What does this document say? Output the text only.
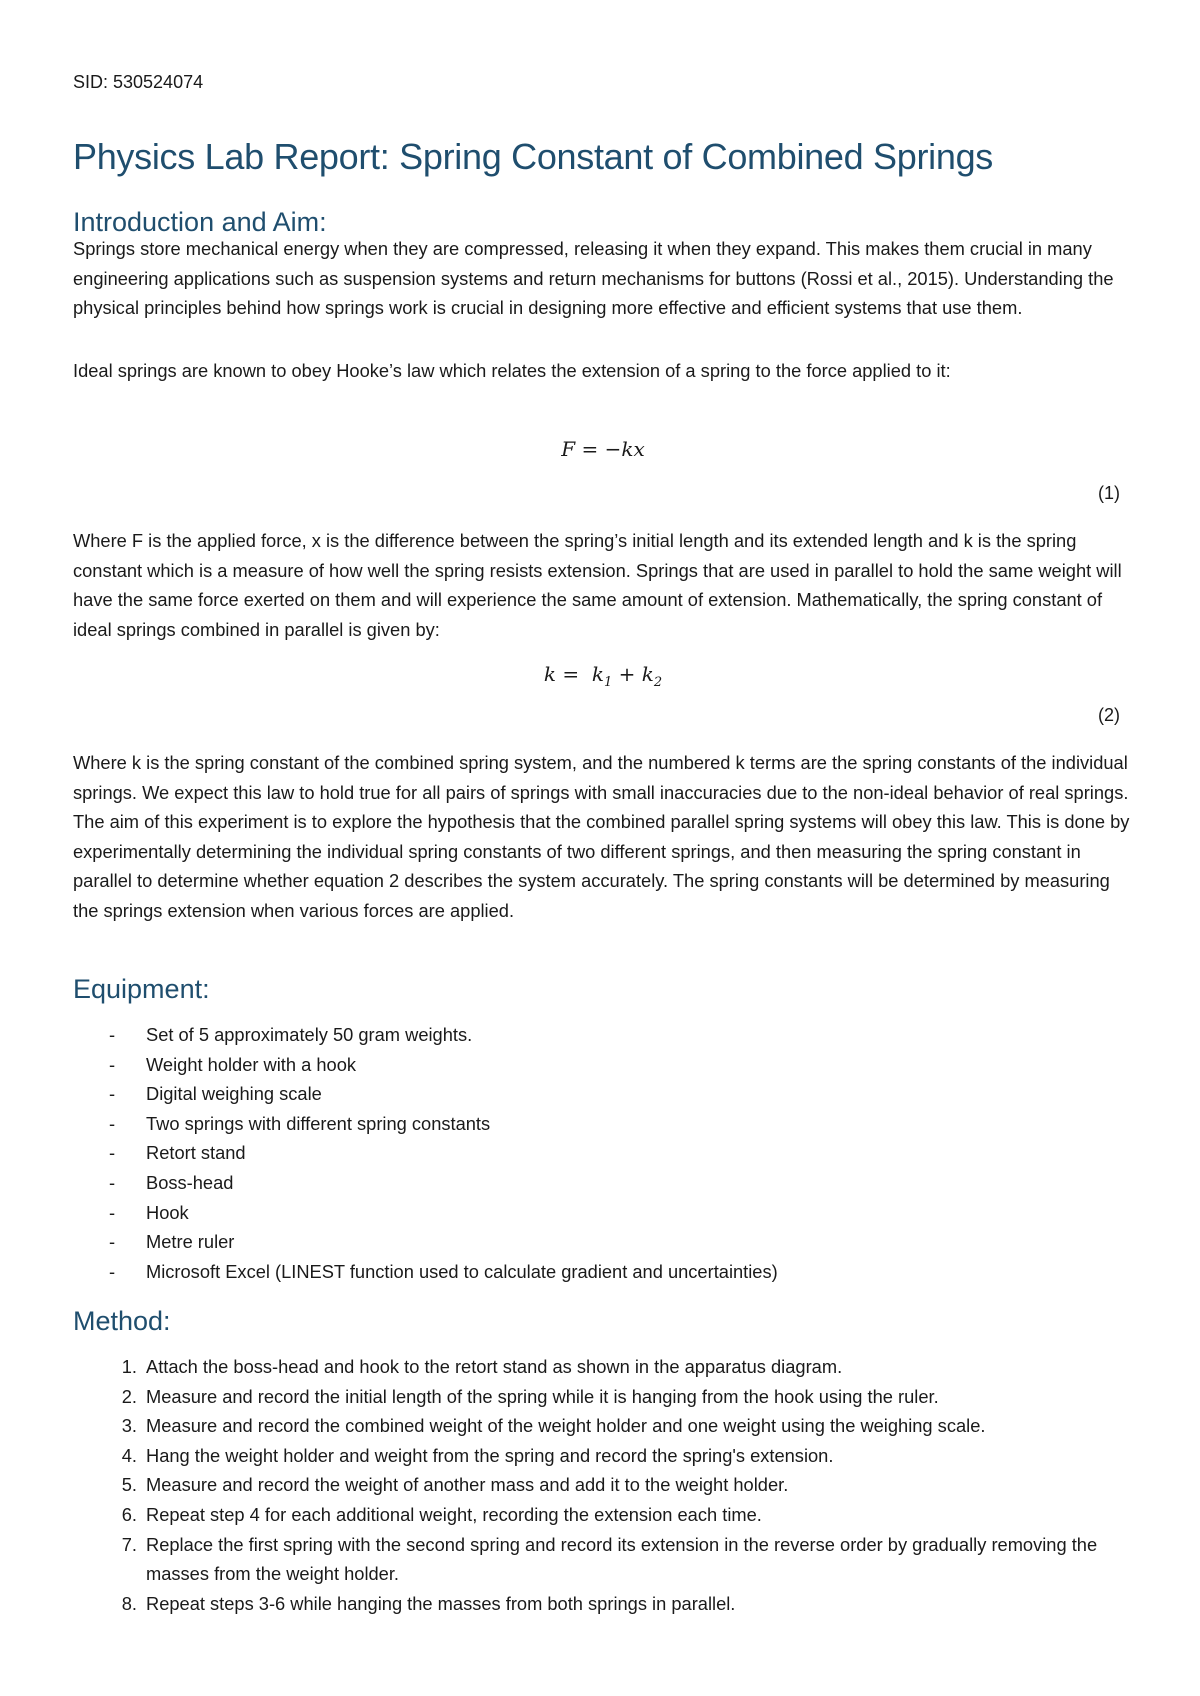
SID: 530524074
Physics Lab Report: Spring Constant of Combined Springs
Introduction and Aim:

Springs store mechanical energy when they are compressed, releasing it when they expand. This makes them crucial in many engineering applications such as suspension systems and return mechanisms for buttons (Rossi et al., 2015). Understanding the physical principles behind how springs work is crucial in designing more effective and efficient systems that use them.

Ideal springs are known to obey Hooke’s law which relates the extension of a spring to the force applied to it:

F = −kx
(1)

Where F is the applied force, x is the difference between the spring’s initial length and its extended length and k is the spring constant which is a measure of how well the spring resists extension. Springs that are used in parallel to hold the same weight will have the same force exerted on them and will experience the same amount of extension. Mathematically, the spring constant of ideal springs combined in parallel is given by:

$k = k_1 + k_2$
(2)

Where k is the spring constant of the combined spring system, and the numbered k terms are the spring constants of the individual springs. We expect this law to hold true for all pairs of springs with small inaccuracies due to the non-ideal behavior of real springs. The aim of this experiment is to explore the hypothesis that the combined parallel spring systems will obey this law. This is done by experimentally determining the individual spring constants of two different springs, and then measuring the spring constant in parallel to determine whether equation 2 describes the system accurately. The spring constants will be determined by measuring the springs extension when various forces are applied.

Equipment:
- Set of 5 approximately 50 gram weights.
- Weight holder with a hook
- Digital weighing scale
- Two springs with different spring constants
- Retort stand
- Boss-head
- Hook
- Metre ruler
- Microsoft Excel (LINEST function used to calculate gradient and uncertainties)
Method:
1. Attach the boss-head and hook to the retort stand as shown in the apparatus diagram.
2. Measure and record the initial length of the spring while it is hanging from the hook using the ruler.
3. Measure and record the combined weight of the weight holder and one weight using the weighing scale.
4. Hang the weight holder and weight from the spring and record the spring's extension.
5. Measure and record the weight of another mass and add it to the weight holder.
6. Repeat step 4 for each additional weight, recording the extension each time.
7. Replace the first spring with the second spring and record its extension in the reverse order by gradually removing the masses from the weight holder.
8. Repeat steps 3-6 while hanging the masses from both springs in parallel.
